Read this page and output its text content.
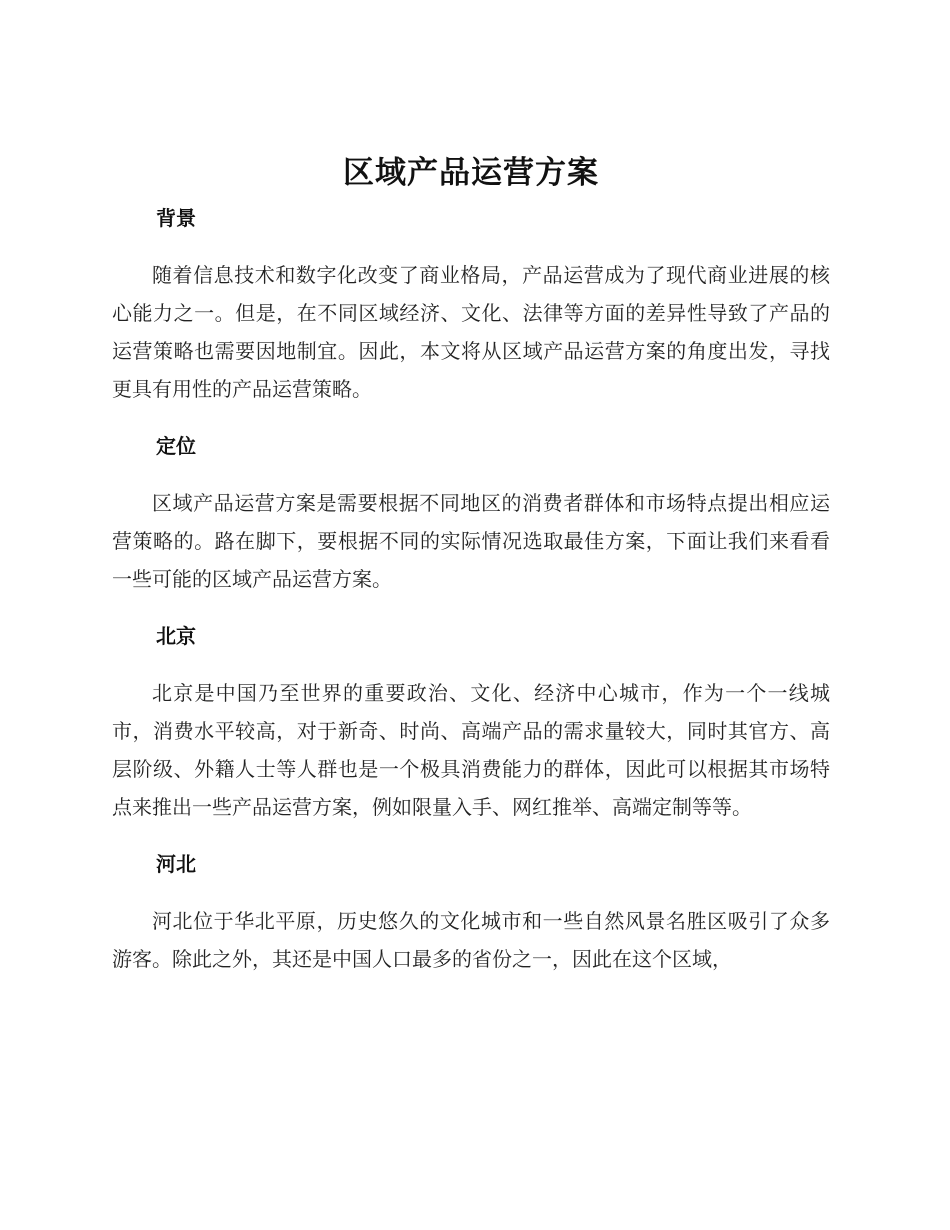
区域产品运营方案
背景

随着信息技术和数字化改变了商业格局，产品运营成为了现代商业进展的核心能力之一。但是，在不同区域经济、文化、法律等方面的差异性导致了产品的运营策略也需要因地制宜。因此，本文将从区域产品运营方案的角度出发，寻找更具有用性的产品运营策略。

定位

区域产品运营方案是需要根据不同地区的消费者群体和市场特点提出相应运营策略的。路在脚下，要根据不同的实际情况选取最佳方案，下面让我们来看看一些可能的区域产品运营方案。

北京

北京是中国乃至世界的重要政治、文化、经济中心城市，作为一个一线城市，消费水平较高，对于新奇、时尚、高端产品的需求量较大，同时其官方、高层阶级、外籍人士等人群也是一个极具消费能力的群体，因此可以根据其市场特点来推出一些产品运营方案，例如限量入手、网红推举、高端定制等等。

河北

河北位于华北平原，历史悠久的文化城市和一些自然风景名胜区吸引了众多游客。除此之外，其还是中国人口最多的省份之一，因此在这个区域，
